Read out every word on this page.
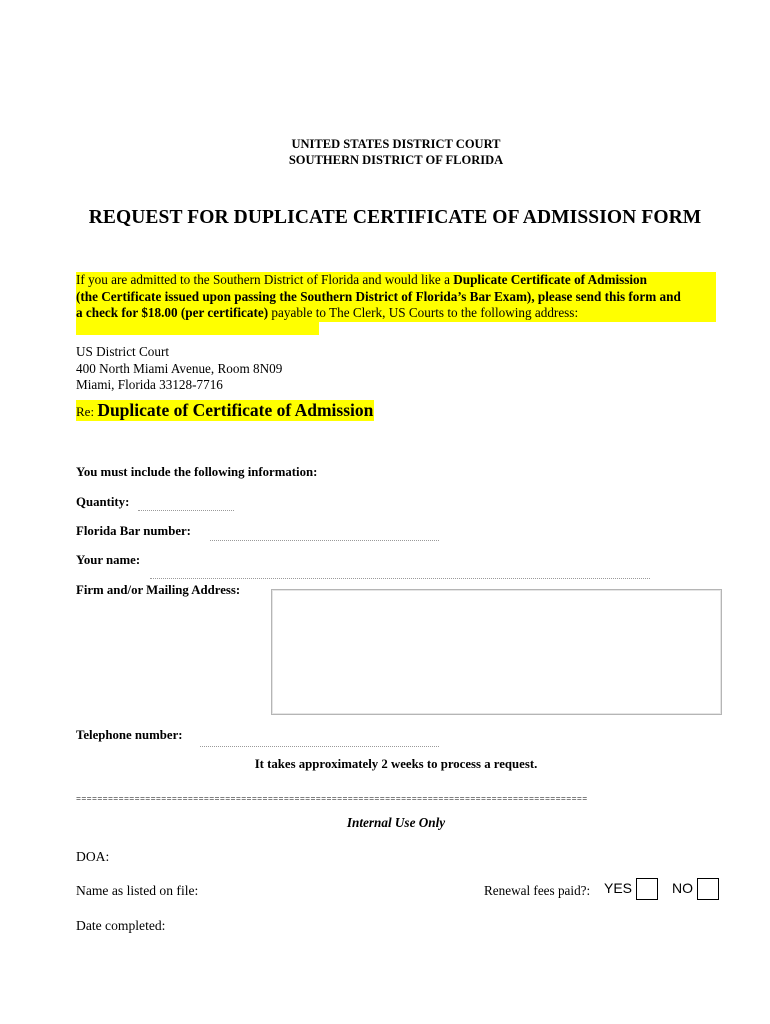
UNITED STATES DISTRICT COURT
SOUTHERN DISTRICT OF FLORIDA
REQUEST FOR DUPLICATE CERTIFICATE OF ADMISSION FORM
If you are admitted to the Southern District of Florida and would like a Duplicate Certificate of Admission
(the Certificate issued upon passing the Southern District of Florida’s Bar Exam), please send this form and
a check for $18.00 (per certificate) payable to The Clerk, US Courts to the following address:
US District Court
400 North Miami Avenue, Room 8N09
Miami, Florida 33128-7716
Re: Duplicate of Certificate of Admission
You must include the following information:
Quantity:
Florida Bar number:
Your name:
Firm and/or Mailing Address:
Telephone number:
It takes approximately 2 weeks to process a request.
================================================================================================
Internal Use Only
DOA:
Name as listed on file:	Renewal fees paid?: YES	NO
Date completed:
